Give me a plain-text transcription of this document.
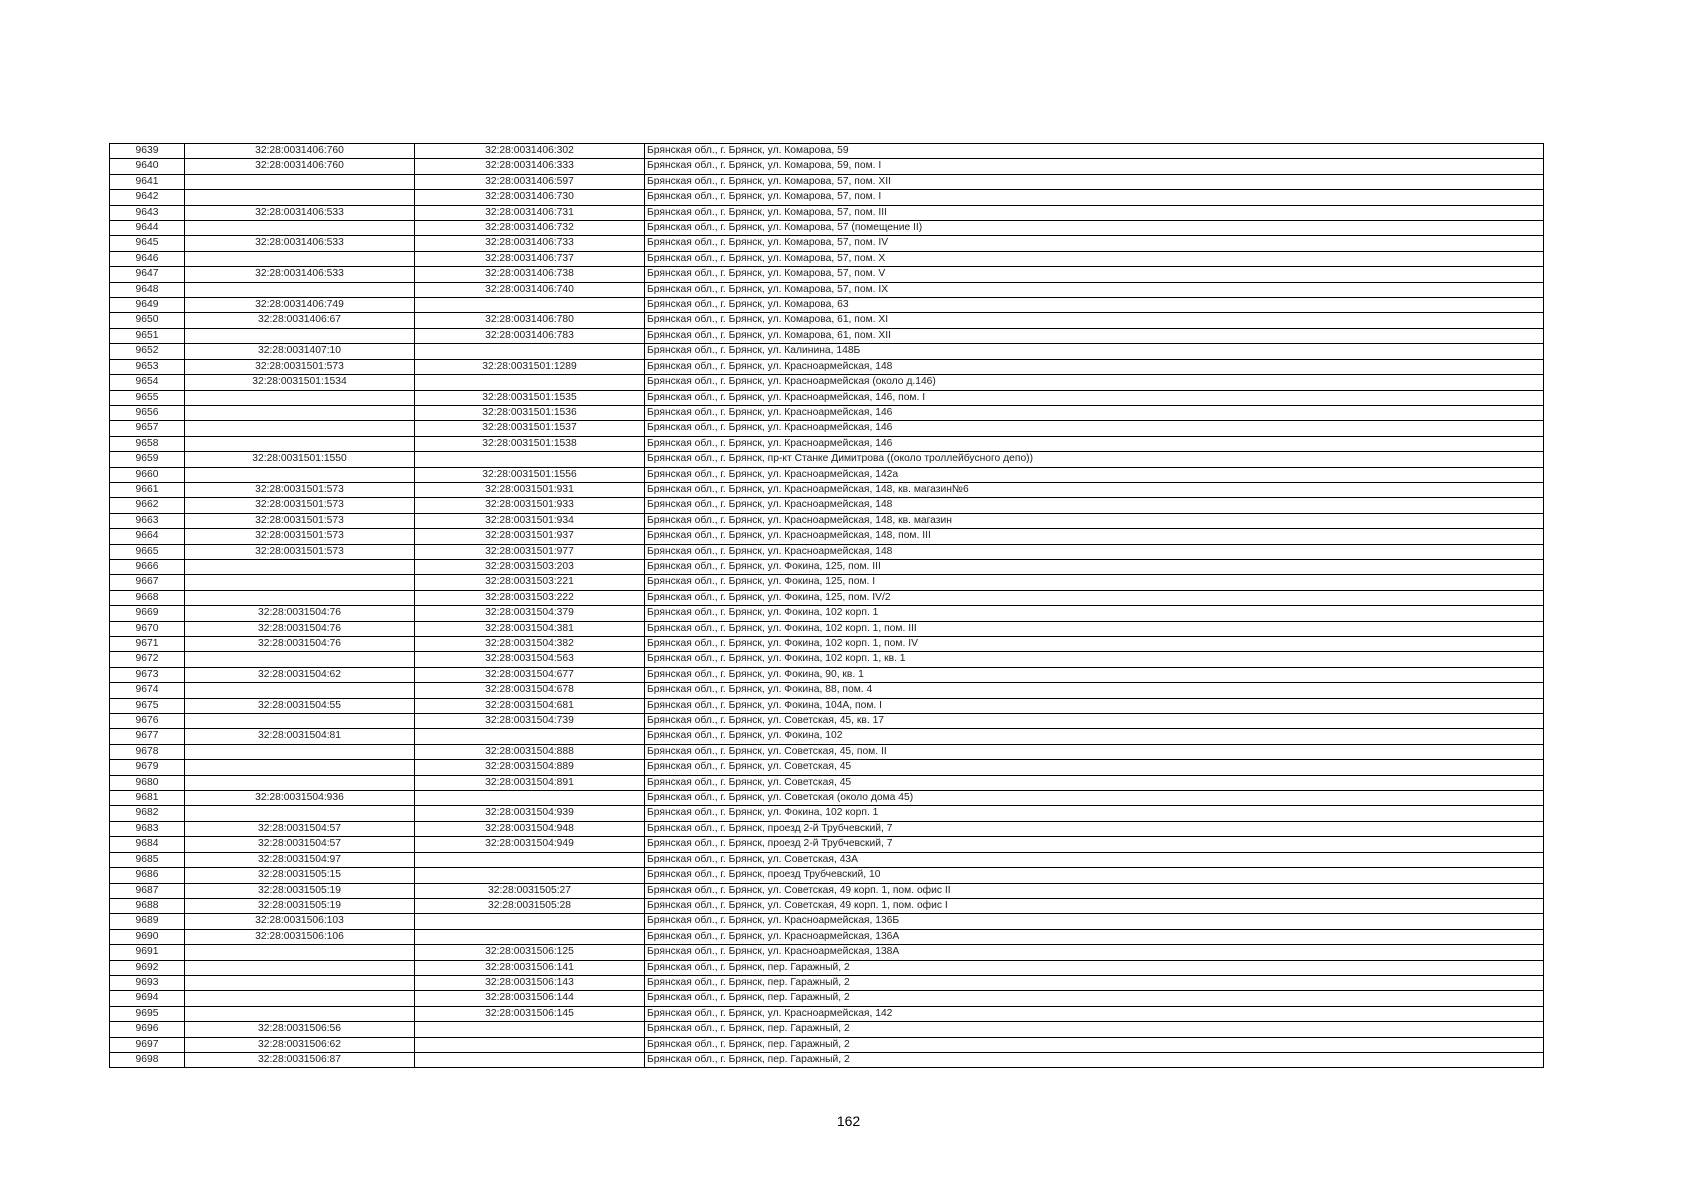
9639	32:28:0031406:760	32:28:0031406:302	Брянская обл., г. Брянск, ул. Комарова, 59
9640	32:28:0031406:760	32:28:0031406:333	Брянская обл., г. Брянск, ул. Комарова, 59, пом. I
9641		32:28:0031406:597	Брянская обл., г. Брянск, ул. Комарова, 57, пом. XII
9642		32:28:0031406:730	Брянская обл., г. Брянск, ул. Комарова, 57, пом. I
9643	32:28:0031406:533	32:28:0031406:731	Брянская обл., г. Брянск, ул. Комарова, 57, пом. III
9644		32:28:0031406:732	Брянская обл., г. Брянск, ул. Комарова, 57 (помещение II)
9645	32:28:0031406:533	32:28:0031406:733	Брянская обл., г. Брянск, ул. Комарова, 57, пом. IV
9646		32:28:0031406:737	Брянская обл., г. Брянск, ул. Комарова, 57, пом. X
9647	32:28:0031406:533	32:28:0031406:738	Брянская обл., г. Брянск, ул. Комарова, 57, пом. V
9648		32:28:0031406:740	Брянская обл., г. Брянск, ул. Комарова, 57, пом. IX
9649	32:28:0031406:749		Брянская обл., г. Брянск, ул. Комарова, 63
9650	32:28:0031406:67	32:28:0031406:780	Брянская обл., г. Брянск, ул. Комарова, 61, пом. XI
9651		32:28:0031406:783	Брянская обл., г. Брянск, ул. Комарова, 61, пом. XII
9652	32:28:0031407:10		Брянская обл., г. Брянск, ул. Калинина, 148Б
9653	32:28:0031501:573	32:28:0031501:1289	Брянская обл., г. Брянск, ул. Красноармейская, 148
9654	32:28:0031501:1534		Брянская обл., г. Брянск, ул. Красноармейская (около д.146)
9655		32:28:0031501:1535	Брянская обл., г. Брянск, ул. Красноармейская, 146, пом. I
9656		32:28:0031501:1536	Брянская обл., г. Брянск, ул. Красноармейская, 146
9657		32:28:0031501:1537	Брянская обл., г. Брянск, ул. Красноармейская, 146
9658		32:28:0031501:1538	Брянская обл., г. Брянск, ул. Красноармейская, 146
9659	32:28:0031501:1550		Брянская обл., г. Брянск, пр-кт Станке Димитрова ((около троллейбусного депо))
9660		32:28:0031501:1556	Брянская обл., г. Брянск, ул. Красноармейская, 142а
9661	32:28:0031501:573	32:28:0031501:931	Брянская обл., г. Брянск, ул. Красноармейская, 148, кв. магазин№6
9662	32:28:0031501:573	32:28:0031501:933	Брянская обл., г. Брянск, ул. Красноармейская, 148
9663	32:28:0031501:573	32:28:0031501:934	Брянская обл., г. Брянск, ул. Красноармейская, 148, кв. магазин
9664	32:28:0031501:573	32:28:0031501:937	Брянская обл., г. Брянск, ул. Красноармейская, 148, пом. III
9665	32:28:0031501:573	32:28:0031501:977	Брянская обл., г. Брянск, ул. Красноармейская, 148
9666		32:28:0031503:203	Брянская обл., г. Брянск, ул. Фокина, 125, пом. III
9667		32:28:0031503:221	Брянская обл., г. Брянск, ул. Фокина, 125, пом. I
9668		32:28:0031503:222	Брянская обл., г. Брянск, ул. Фокина, 125, пом. IV/2
9669	32:28:0031504:76	32:28:0031504:379	Брянская обл., г. Брянск, ул. Фокина, 102 корп. 1
9670	32:28:0031504:76	32:28:0031504:381	Брянская обл., г. Брянск, ул. Фокина, 102 корп. 1, пом. III
9671	32:28:0031504:76	32:28:0031504:382	Брянская обл., г. Брянск, ул. Фокина, 102 корп. 1, пом. IV
9672		32:28:0031504:563	Брянская обл., г. Брянск, ул. Фокина, 102 корп. 1, кв. 1
9673	32:28:0031504:62	32:28:0031504:677	Брянская обл., г. Брянск, ул. Фокина, 90, кв. 1
9674		32:28:0031504:678	Брянская обл., г. Брянск, ул. Фокина, 88, пом. 4
9675	32:28:0031504:55	32:28:0031504:681	Брянская обл., г. Брянск, ул. Фокина, 104А, пом. I
9676		32:28:0031504:739	Брянская обл., г. Брянск, ул. Советская, 45, кв. 17
9677	32:28:0031504:81		Брянская обл., г. Брянск, ул. Фокина, 102
9678		32:28:0031504:888	Брянская обл., г. Брянск, ул. Советская, 45, пом. II
9679		32:28:0031504:889	Брянская обл., г. Брянск, ул. Советская, 45
9680		32:28:0031504:891	Брянская обл., г. Брянск, ул. Советская, 45
9681	32:28:0031504:936		Брянская обл., г. Брянск, ул. Советская (около дома 45)
9682		32:28:0031504:939	Брянская обл., г. Брянск, ул. Фокина, 102 корп. 1
9683	32:28:0031504:57	32:28:0031504:948	Брянская обл., г. Брянск, проезд 2-й Трубчевский, 7
9684	32:28:0031504:57	32:28:0031504:949	Брянская обл., г. Брянск, проезд 2-й Трубчевский, 7
9685	32:28:0031504:97		Брянская обл., г. Брянск, ул. Советская, 43А
9686	32:28:0031505:15		Брянская обл., г. Брянск, проезд Трубчевский, 10
9687	32:28:0031505:19	32:28:0031505:27	Брянская обл., г. Брянск, ул. Советская, 49 корп. 1, пом. офис II
9688	32:28:0031505:19	32:28:0031505:28	Брянская обл., г. Брянск, ул. Советская, 49 корп. 1, пом. офис I
9689	32:28:0031506:103		Брянская обл., г. Брянск, ул. Красноармейская, 136Б
9690	32:28:0031506:106		Брянская обл., г. Брянск, ул. Красноармейская, 136А
9691		32:28:0031506:125	Брянская обл., г. Брянск, ул. Красноармейская, 138А
9692		32:28:0031506:141	Брянская обл., г. Брянск, пер. Гаражный, 2
9693		32:28:0031506:143	Брянская обл., г. Брянск, пер. Гаражный, 2
9694		32:28:0031506:144	Брянская обл., г. Брянск, пер. Гаражный, 2
9695		32:28:0031506:145	Брянская обл., г. Брянск, ул. Красноармейская, 142
9696	32:28:0031506:56		Брянская обл., г. Брянск, пер. Гаражный, 2
9697	32:28:0031506:62		Брянская обл., г. Брянск, пер. Гаражный, 2
9698	32:28:0031506:87		Брянская обл., г. Брянск, пер. Гаражный, 2
162
